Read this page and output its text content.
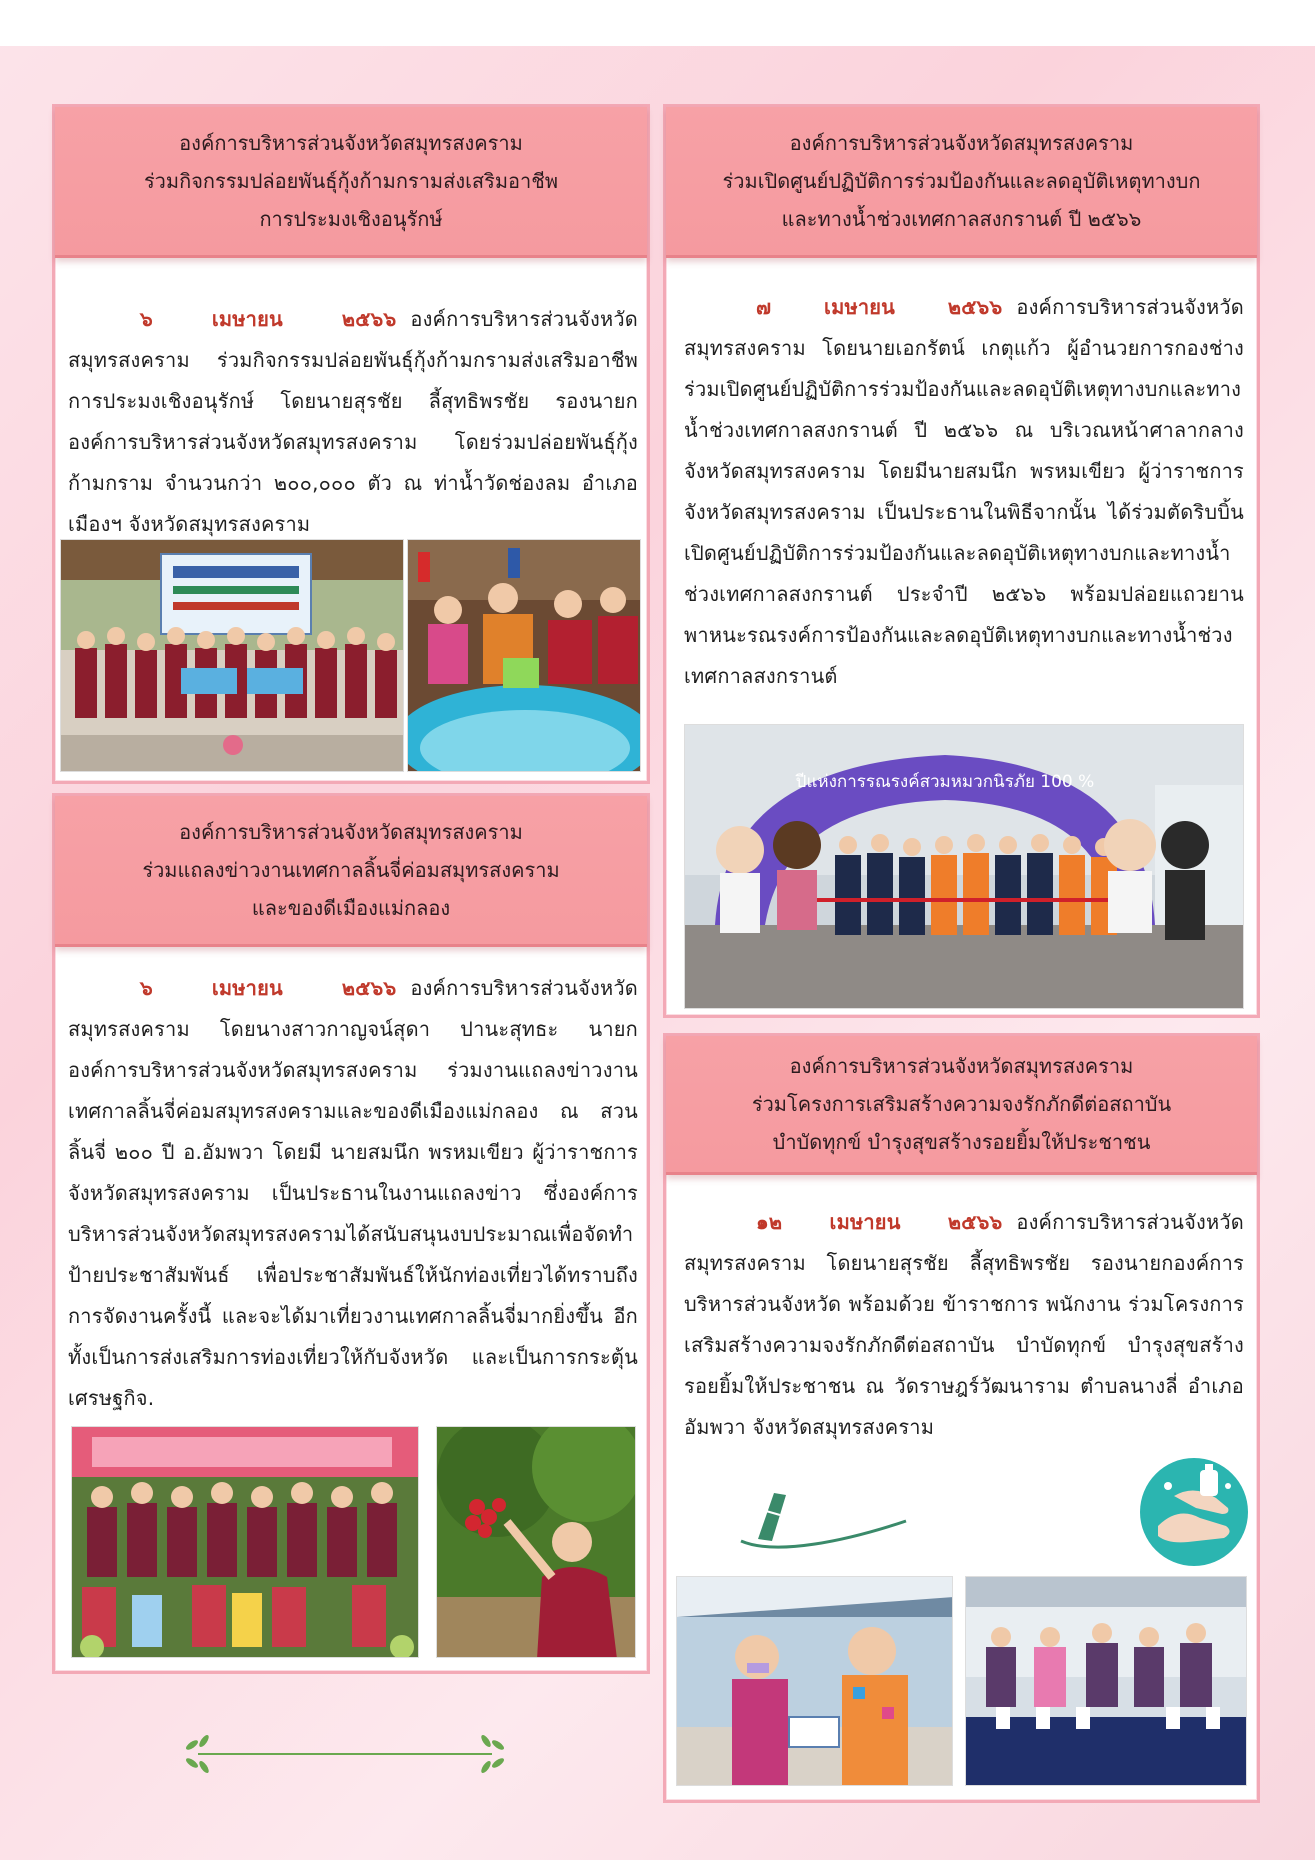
องค์การบริหารส่วนจังหวัดสมุทรสงคราม
ร่วมกิจกรรมปล่อยพันธุ์กุ้งก้ามกรามส่งเสริมอาชีพ
การประมงเชิงอนุรักษ์
๖ เมษายน ๒๕๖๖ องค์การบริหารส่วนจังหวัดสมุทรสงคราม ร่วมกิจกรรมปล่อยพันธุ์กุ้งก้ามกรามส่งเสริมอาชีพการประมงเชิงอนุรักษ์ โดยนายสุรชัย ลี้สุทธิพรชัย รองนายกองค์การบริหารส่วนจังหวัดสมุทรสงคราม โดยร่วมปล่อยพันธุ์กุ้งก้ามกราม จำนวนกว่า ๒๐๐,๐๐๐ ตัว ณ ท่าน้ำวัดช่องลม อำเภอเมืองฯ จังหวัดสมุทรสงคราม
องค์การบริหารส่วนจังหวัดสมุทรสงคราม
ร่วมเปิดศูนย์ปฏิบัติการร่วมป้องกันและลดอุบัติเหตุทางบก
และทางน้ำช่วงเทศกาลสงกรานต์ ปี ๒๕๖๖
๗ เมษายน ๒๕๖๖ องค์การบริหารส่วนจังหวัดสมุทรสงคราม โดยนายเอกรัตน์ เกตุแก้ว ผู้อำนวยการกองช่าง ร่วมเปิดศูนย์ปฏิบัติการร่วมป้องกันและลดอุบัติเหตุทางบกและทางน้ำช่วงเทศกาลสงกรานต์ ปี ๒๕๖๖ ณ บริเวณหน้าศาลากลางจังหวัดสมุทรสงคราม โดยมีนายสมนึก พรหมเขียว ผู้ว่าราชการจังหวัดสมุทรสงคราม เป็นประธานในพิธีจากนั้น ได้ร่วมตัดริบบิ้นเปิดศูนย์ปฏิบัติการร่วมป้องกันและลดอุบัติเหตุทางบกและทางน้ำช่วงเทศกาลสงกรานต์ ประจำปี ๒๕๖๖ พร้อมปล่อยแถวยานพาหนะรณรงค์การป้องกันและลดอุบัติเหตุทางบกและทางน้ำช่วงเทศกาลสงกรานต์
ปีแห่งการรณรงค์สวมหมวกนิรภัย 100 %
องค์การบริหารส่วนจังหวัดสมุทรสงคราม
ร่วมแถลงข่าวงานเทศกาลลิ้นจี่ค่อมสมุทรสงคราม
และของดีเมืองแม่กลอง
๖ เมษายน ๒๕๖๖ องค์การบริหารส่วนจังหวัดสมุทรสงคราม โดยนางสาวกาญจน์สุดา ปานะสุทธะ นายกองค์การบริหารส่วนจังหวัดสมุทรสงคราม ร่วมงานแถลงข่าวงานเทศกาลลิ้นจี่ค่อมสมุทรสงครามและของดีเมืองแม่กลอง ณ สวนลิ้นจี่ ๒๐๐ ปี อ.อัมพวา โดยมี นายสมนึก พรหมเขียว ผู้ว่าราชการจังหวัดสมุทรสงคราม เป็นประธานในงานแถลงข่าว ซึ่งองค์การบริหารส่วนจังหวัดสมุทรสงครามได้สนับสนุนงบประมาณเพื่อจัดทำป้ายประชาสัมพันธ์ เพื่อประชาสัมพันธ์ให้นักท่องเที่ยวได้ทราบถึงการจัดงานครั้งนี้ และจะได้มาเที่ยวงานเทศกาลลิ้นจี่มากยิ่งขึ้น อีกทั้งเป็นการส่งเสริมการท่องเที่ยวให้กับจังหวัด และเป็นการกระตุ้นเศรษฐกิจ.
องค์การบริหารส่วนจังหวัดสมุทรสงคราม
ร่วมโครงการเสริมสร้างความจงรักภักดีต่อสถาบัน
บำบัดทุกข์ บำรุงสุขสร้างรอยยิ้มให้ประชาชน
๑๒ เมษายน ๒๕๖๖ องค์การบริหารส่วนจังหวัดสมุทรสงคราม โดยนายสุรชัย ลี้สุทธิพรชัย รองนายกองค์การบริหารส่วนจังหวัด พร้อมด้วย ข้าราชการ พนักงาน ร่วมโครงการเสริมสร้างความจงรักภักดีต่อสถาบัน บำบัดทุกข์ บำรุงสุขสร้างรอยยิ้มให้ประชาชน ณ วัดราษฎร์วัฒนาราม ตำบลนางลี่ อำเภออัมพวา จังหวัดสมุทรสงคราม
